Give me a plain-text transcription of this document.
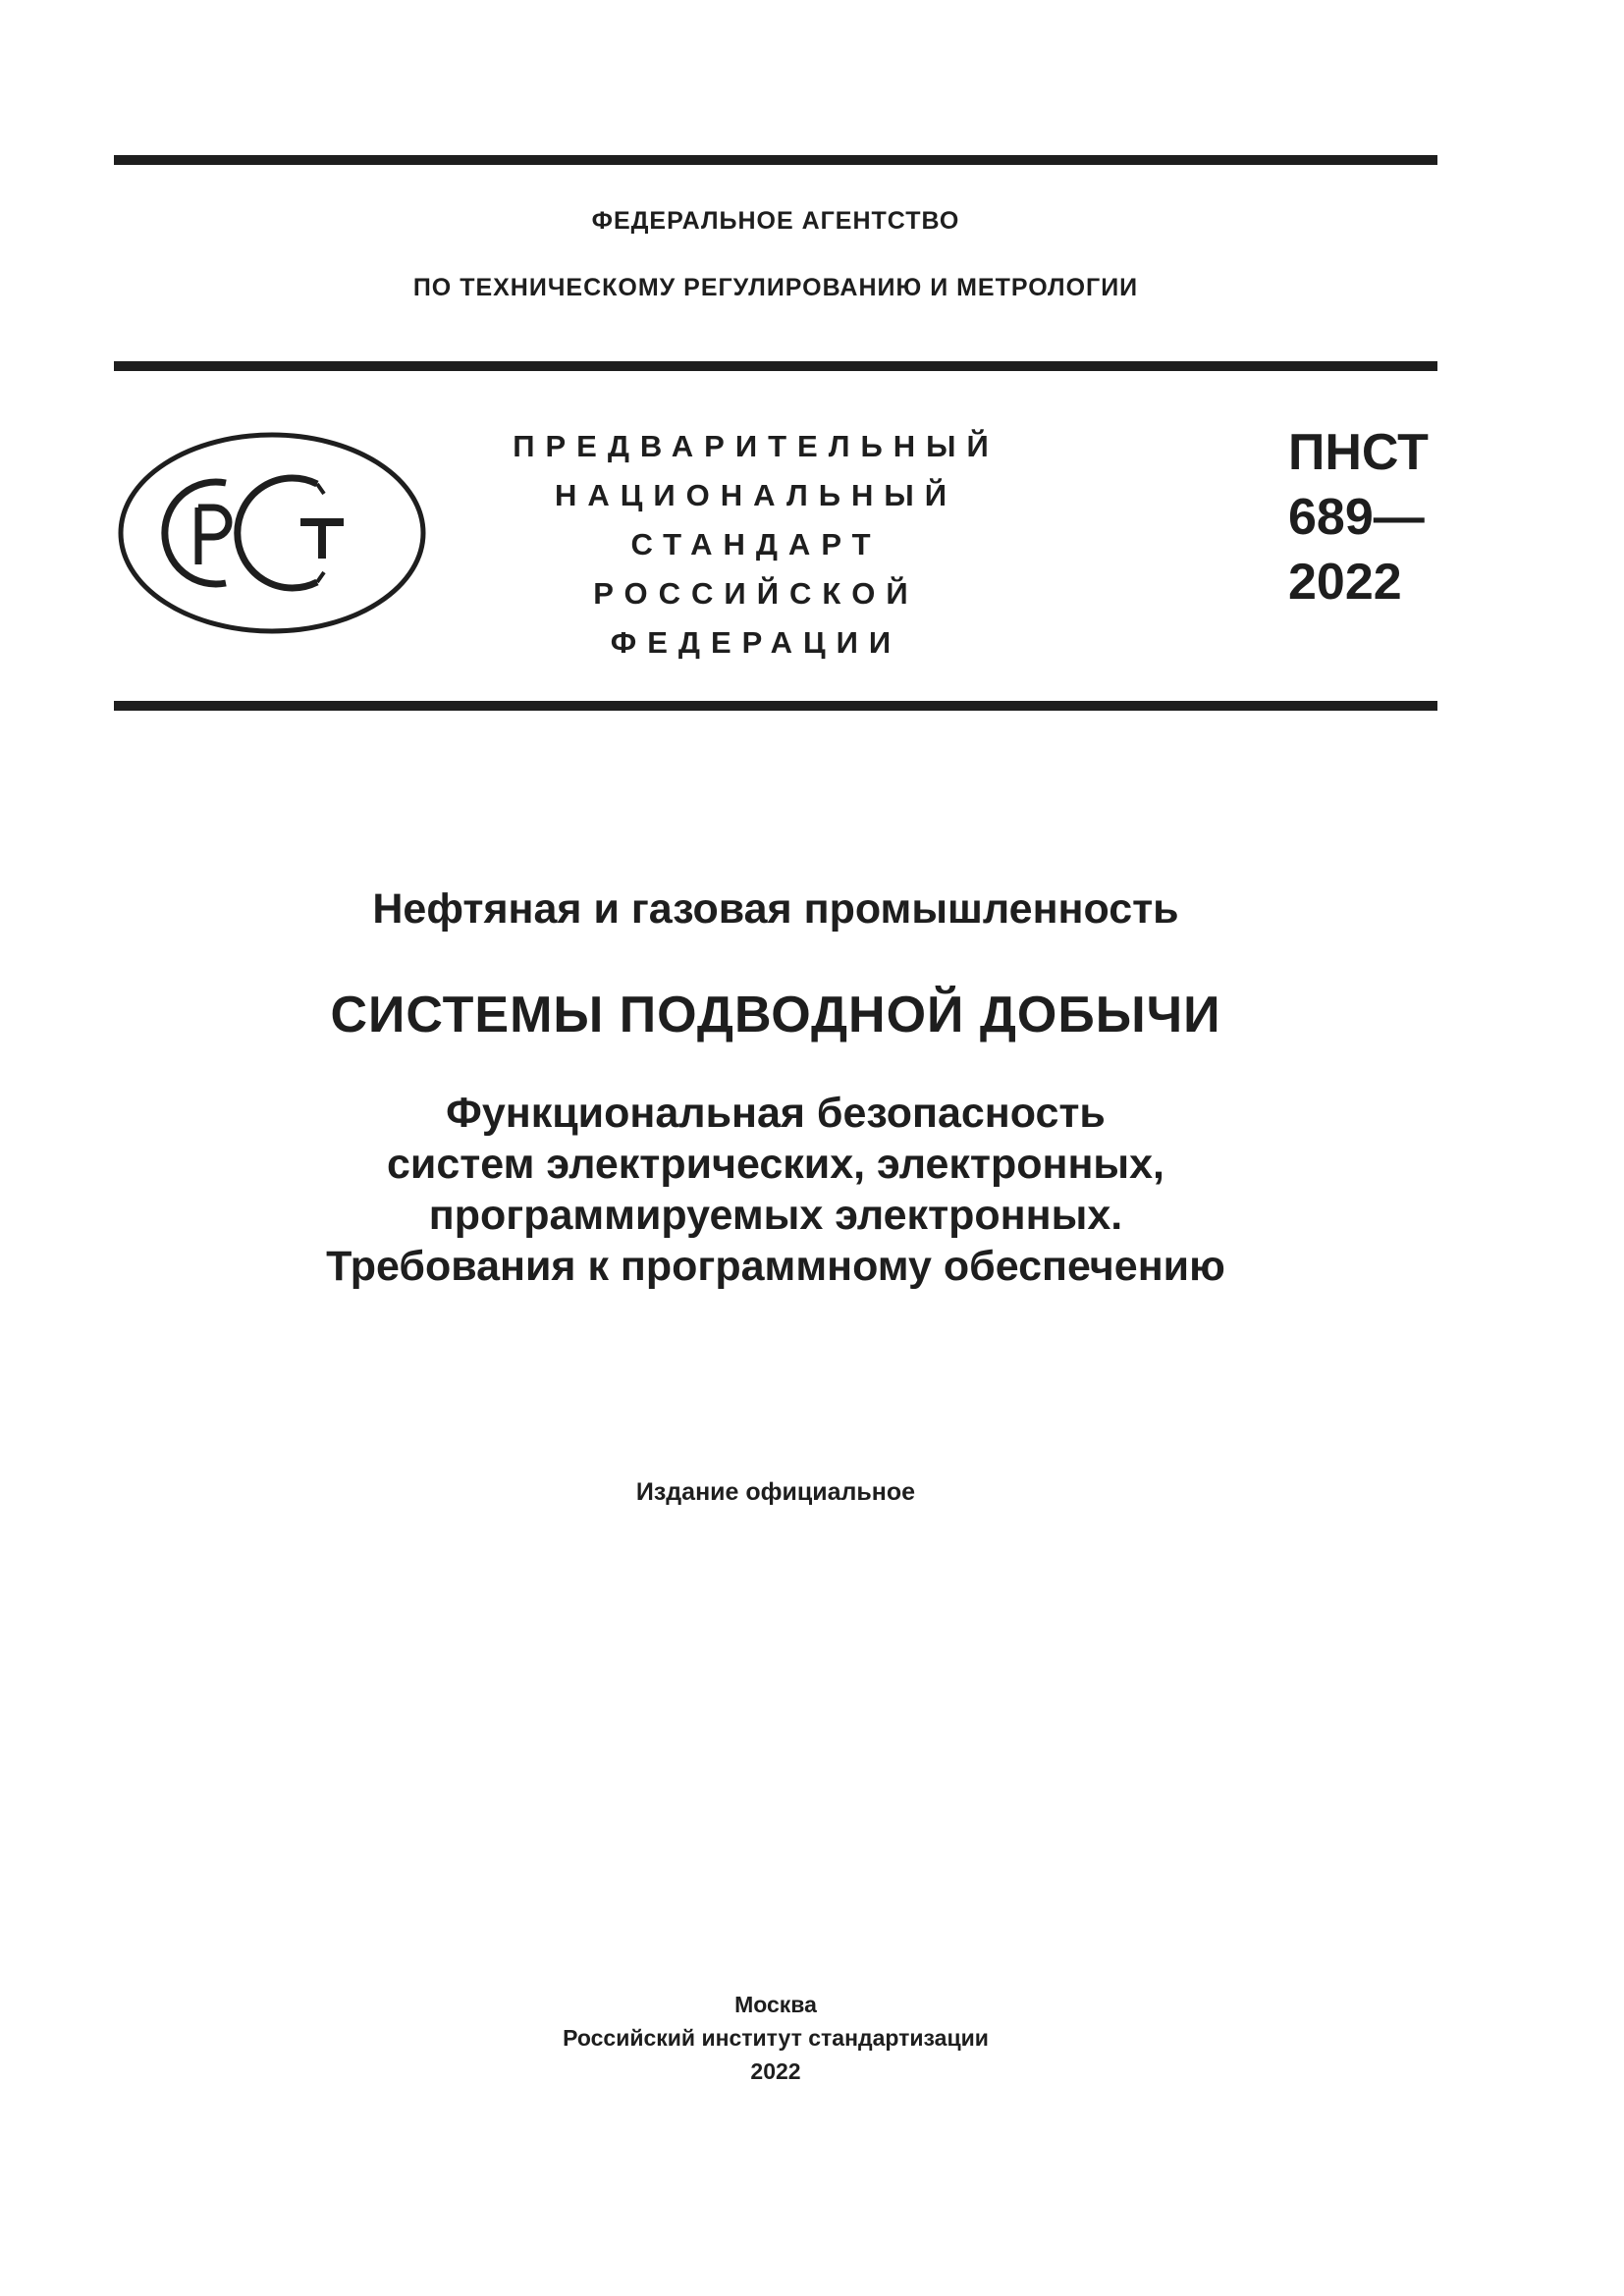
ФЕДЕРАЛЬНОЕ АГЕНТСТВО
ПО ТЕХНИЧЕСКОМУ РЕГУЛИРОВАНИЮ И МЕТРОЛОГИИ
ПРЕДВАРИТЕЛЬНЫЙ
НАЦИОНАЛЬНЫЙ
СТАНДАРТ
РОССИЙСКОЙ
ФЕДЕРАЦИИ
ПНСТ
689—
2022
Нефтяная и газовая промышленность
СИСТЕМЫ ПОДВОДНОЙ ДОБЫЧИ
Функциональная безопасность
систем электрических, электронных,
программируемых электронных.
Требования к программному обеспечению
Издание официальное
Москва
Российский институт стандартизации
2022
